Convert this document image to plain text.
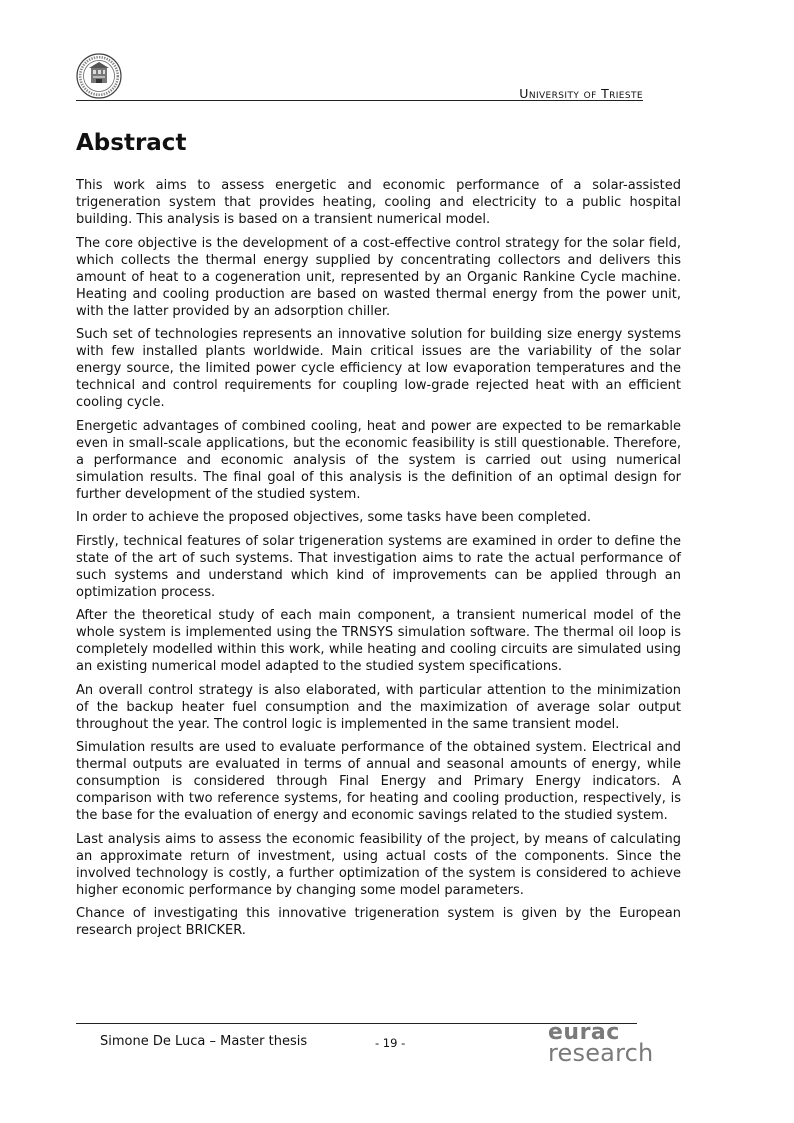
University of Trieste
Abstract

This work aims to assess energetic and economic performance of a solar-assisted trigeneration system that provides heating, cooling and electricity to a public hospital building. This analysis is based on a transient numerical model.

The core objective is the development of a cost-effective control strategy for the solar field, which collects the thermal energy supplied by concentrating collectors and delivers this amount of heat to a cogeneration unit, represented by an Organic Rankine Cycle machine. Heating and cooling production are based on wasted thermal energy from the power unit, with the latter provided by an adsorption chiller.

Such set of technologies represents an innovative solution for building size energy systems with few installed plants worldwide. Main critical issues are the variability of the solar energy source, the limited power cycle efficiency at low evaporation temperatures and the technical and control requirements for coupling low-grade rejected heat with an efficient cooling cycle.

Energetic advantages of combined cooling, heat and power are expected to be remarkable even in small-scale applications, but the economic feasibility is still questionable. Therefore, a performance and economic analysis of the system is carried out using numerical simulation results. The final goal of this analysis is the definition of an optimal design for further development of the studied system.

In order to achieve the proposed objectives, some tasks have been completed.

Firstly, technical features of solar trigeneration systems are examined in order to define the state of the art of such systems. That investigation aims to rate the actual performance of such systems and understand which kind of improvements can be applied through an optimization process.

After the theoretical study of each main component, a transient numerical model of the whole system is implemented using the TRNSYS simulation software. The thermal oil loop is completely modelled within this work, while heating and cooling circuits are simulated using an existing numerical model adapted to the studied system specifications.

An overall control strategy is also elaborated, with particular attention to the minimization of the backup heater fuel consumption and the maximization of average solar output throughout the year. The control logic is implemented in the same transient model.

Simulation results are used to evaluate performance of the obtained system. Electrical and thermal outputs are evaluated in terms of annual and seasonal amounts of energy, while consumption is considered through Final Energy and Primary Energy indicators. A comparison with two reference systems, for heating and cooling production, respectively, is the base for the evaluation of energy and economic savings related to the studied system.

Last analysis aims to assess the economic feasibility of the project, by means of calculating an approximate return of investment, using actual costs of the components. Since the involved technology is costly, a further optimization of the system is considered to achieve higher economic performance by changing some model parameters.

Chance of investigating this innovative trigeneration system is given by the European research project BRICKER.

Simone De Luca – Master thesis	- 19 -	eurac
research
